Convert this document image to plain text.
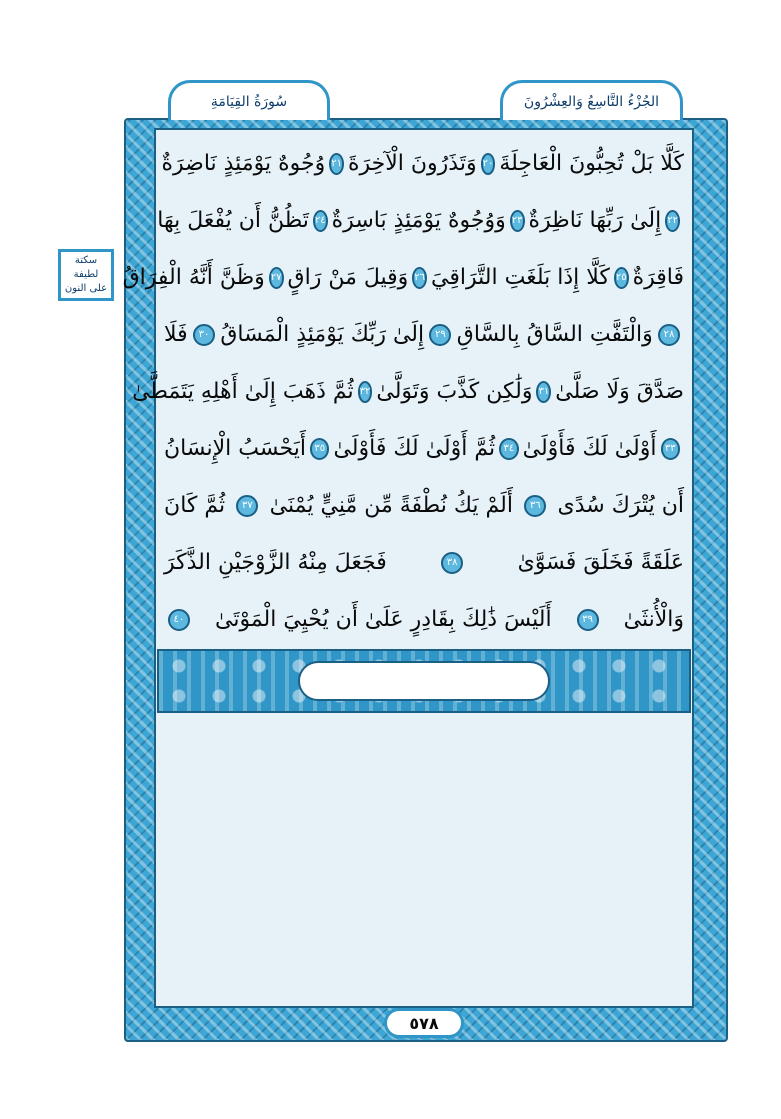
سُورَةُ القِيَامَةِ	الجُزْءُ التَّاسِعُ وَالعِشْرُونَ
سكتة لطيفة
على النون
كَلَّا بَلْ تُحِبُّونَ الْعَاجِلَةَ
٢٠
وَتَذَرُونَ الْآخِرَةَ
٢١
وُجُوهٌ يَوْمَئِذٍ نَاضِرَةٌ
٢٢
إِلَىٰ رَبِّهَا نَاظِرَةٌ
٢٣
وَوُجُوهٌ يَوْمَئِذٍ بَاسِرَةٌ
٢٤
تَظُنُّ أَن يُفْعَلَ بِهَا
فَاقِرَةٌ
٢٥
كَلَّا إِذَا بَلَغَتِ التَّرَاقِيَ
٢٦
وَقِيلَ مَنْ رَاقٍ
٢٧
وَظَنَّ أَنَّهُ الْفِرَاقُ
٢٨
وَالْتَفَّتِ السَّاقُ بِالسَّاقِ
٢٩
إِلَىٰ رَبِّكَ يَوْمَئِذٍ الْمَسَاقُ
٣٠
فَلَا
صَدَّقَ وَلَا صَلَّىٰ
٣١
وَلَٰكِن كَذَّبَ وَتَوَلَّىٰ
٣٢
ثُمَّ ذَهَبَ إِلَىٰ أَهْلِهِ يَتَمَطَّىٰ
٣٣
أَوْلَىٰ لَكَ فَأَوْلَىٰ
٣٤
ثُمَّ أَوْلَىٰ لَكَ فَأَوْلَىٰ
٣٥
أَيَحْسَبُ الْإِنسَانُ
أَن يُتْرَكَ سُدًى
٣٦
أَلَمْ يَكُ نُطْفَةً مِّن مَّنِيٍّ يُمْنَىٰ
٣٧
ثُمَّ كَانَ
عَلَقَةً فَخَلَقَ فَسَوَّىٰ
٣٨
فَجَعَلَ مِنْهُ الزَّوْجَيْنِ الذَّكَرَ
وَالْأُنثَىٰ
٣٩
أَلَيْسَ ذَٰلِكَ بِقَادِرٍ عَلَىٰ أَن يُحْيِيَ الْمَوْتَىٰ
٤٠
٥٧٨
